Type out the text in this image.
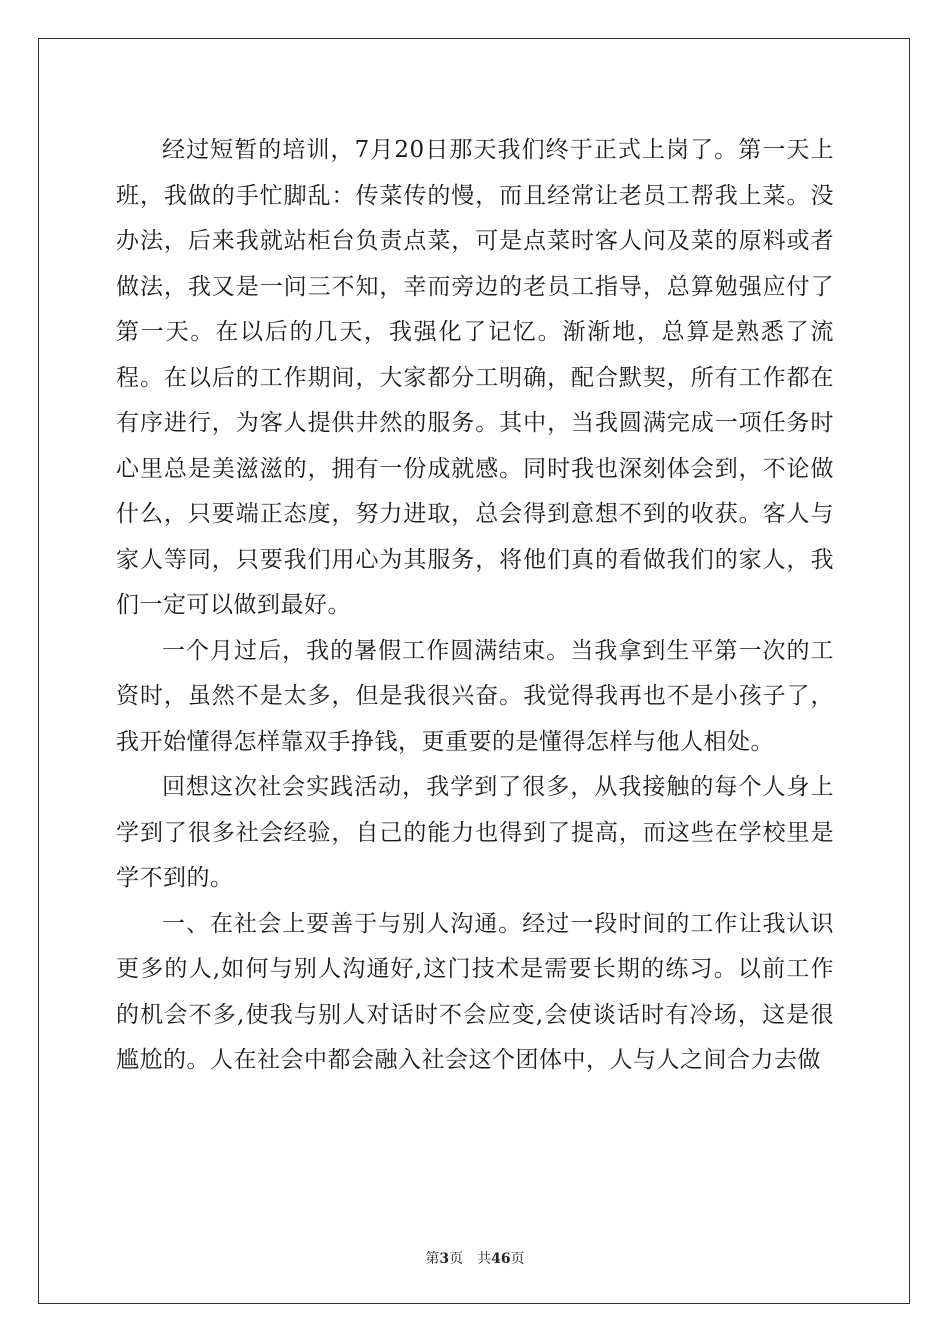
经过短暂的培训，7月20日那天我们终于正式上岗了。第一天上班，我做的手忙脚乱：传菜传的慢，而且经常让老员工帮我上菜。没办法，后来我就站柜台负责点菜，可是点菜时客人问及菜的原料或者做法，我又是一问三不知，幸而旁边的老员工指导，总算勉强应付了第一天。在以后的几天，我强化了记忆。渐渐地，总算是熟悉了流程。在以后的工作期间，大家都分工明确，配合默契，所有工作都在有序进行，为客人提供井然的服务。其中，当我圆满完成一项任务时心里总是美滋滋的，拥有一份成就感。同时我也深刻体会到，不论做什么，只要端正态度，努力进取，总会得到意想不到的收获。客人与家人等同，只要我们用心为其服务，将他们真的看做我们的家人，我们一定可以做到最好。

一个月过后，我的暑假工作圆满结束。当我拿到生平第一次的工资时，虽然不是太多，但是我很兴奋。我觉得我再也不是小孩子了，我开始懂得怎样靠双手挣钱，更重要的是懂得怎样与他人相处。

回想这次社会实践活动，我学到了很多，从我接触的每个人身上学到了很多社会经验，自己的能力也得到了提高，而这些在学校里是学不到的。

一、在社会上要善于与别人沟通。经过一段时间的工作让我认识更多的人,如何与别人沟通好,这门技术是需要长期的练习。以前工作的机会不多,使我与别人对话时不会应变,会使谈话时有冷场，这是很尴尬的。人在社会中都会融入社会这个团体中，人与人之间合力去做

第3页 共46页
